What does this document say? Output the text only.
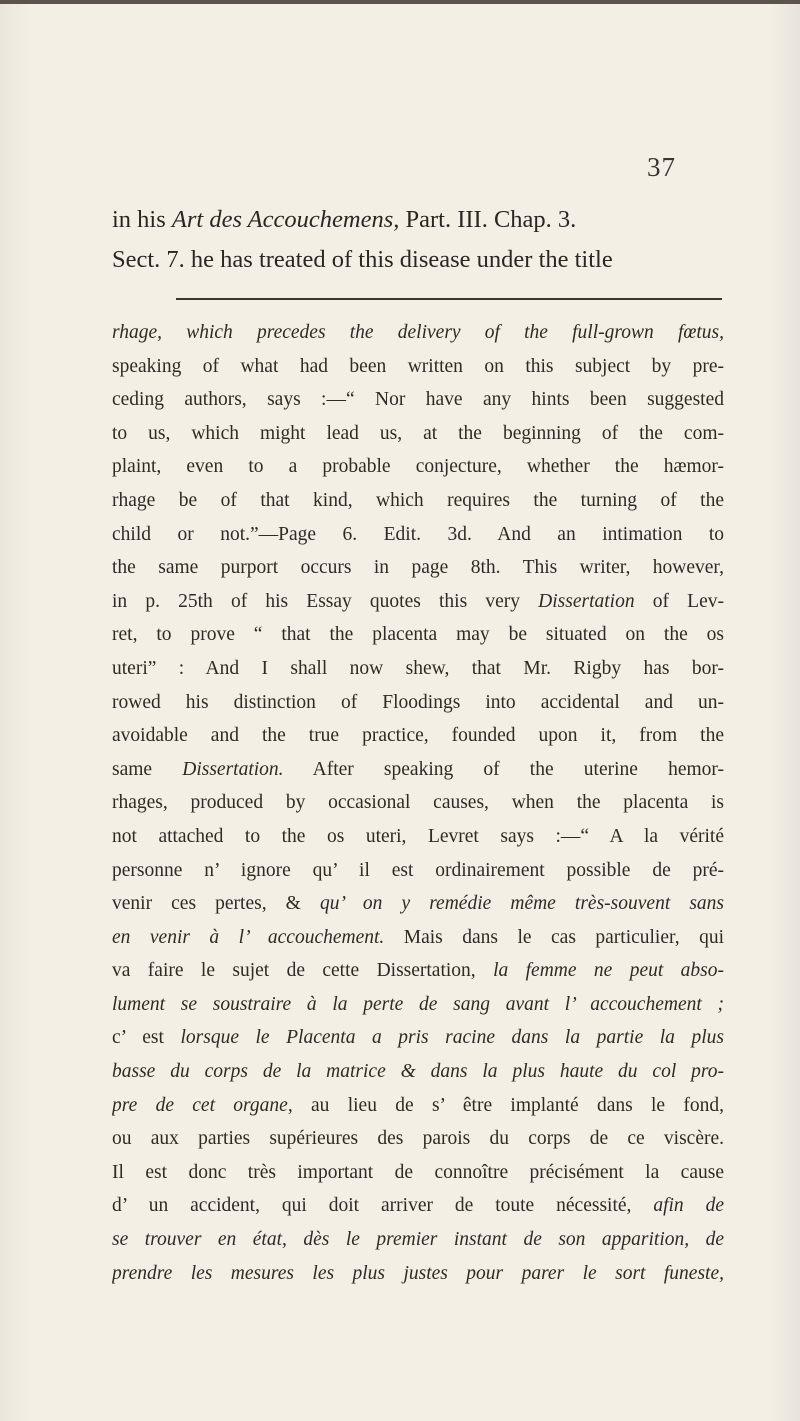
37

in his Art des Accouchemens, Part. III. Chap. 3.

Sect. 7. he has treated of this disease under the title

rhage, which precedes the delivery of the full-grown fœtus,
speaking of what had been written on this subject by pre-
ceding authors, says :—“ Nor have any hints been suggested
to us, which might lead us, at the beginning of the com-
plaint, even to a probable conjecture, whether the hæmor-
rhage be of that kind, which requires the turning of the
child or not.”—Page 6. Edit. 3d. And an intimation to
the same purport occurs in page 8th. This writer, however,
in p. 25th of his Essay quotes this very Dissertation of Lev-
ret, to prove “ that the placenta may be situated on the os
uteri” : And I shall now shew, that Mr. Rigby has bor-
rowed his distinction of Floodings into accidental and un-
avoidable and the true practice, founded upon it, from the
same Dissertation. After speaking of the uterine hemor-
rhages, produced by occasional causes, when the placenta is
not attached to the os uteri, Levret says :—“ A la vérité
personne n’ ignore qu’ il est ordinairement possible de pré-
venir ces pertes, & qu’ on y remédie même très-souvent sans
en venir à l’ accouchement. Mais dans le cas particulier, qui
va faire le sujet de cette Dissertation, la femme ne peut abso-
lument se soustraire à la perte de sang avant l’ accouchement ;
c’ est lorsque le Placenta a pris racine dans la partie la plus
basse du corps de la matrice & dans la plus haute du col pro-
pre de cet organe, au lieu de s’ être implanté dans le fond,
ou aux parties supérieures des parois du corps de ce viscère.
Il est donc très important de connoître précisément la cause
d’ un accident, qui doit arriver de toute nécessité, afin de
se trouver en état, dès le premier instant de son apparition, de
prendre les mesures les plus justes pour parer le sort funeste,
